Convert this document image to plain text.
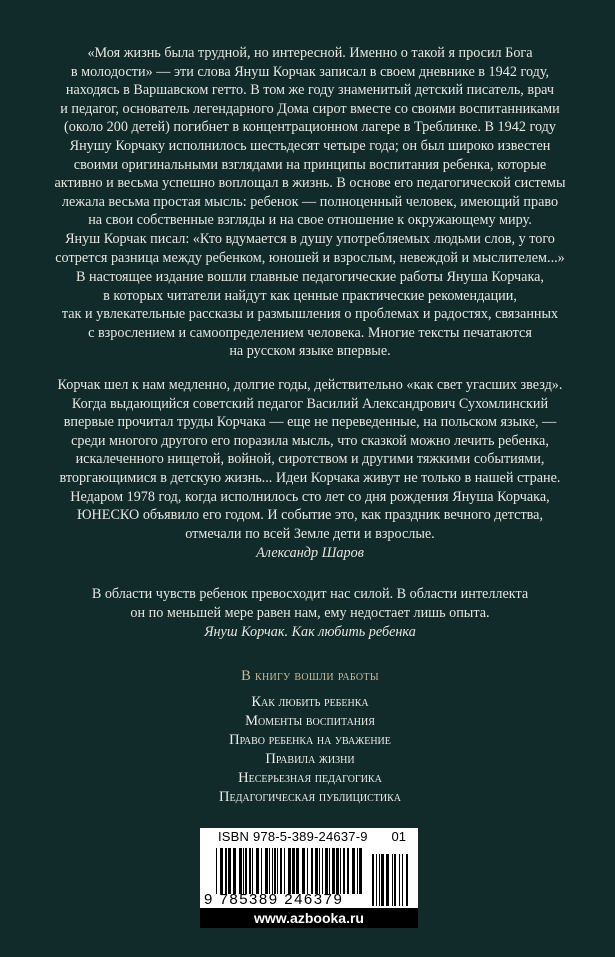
«Моя жизнь была трудной, но интересной. Именно о такой я просил Бога
в молодости» — эти слова Януш Корчак записал в своем дневнике в 1942 году,
находясь в Варшавском гетто. В том же году знаменитый детский писатель, врач
и педагог, основатель легендарного Дома сирот вместе со своими воспитанниками
(около 200 детей) погибнет в концентрационном лагере в Треблинке. В 1942 году
Янушу Корчаку исполнилось шестьдесят четыре года; он был широко известен
своими оригинальными взглядами на принципы воспитания ребенка, которые
активно и весьма успешно воплощал в жизнь. В основе его педагогической системы
лежала весьма простая мысль: ребенок — полноценный человек, имеющий право
на свои собственные взгляды и на свое отношение к окружающему миру.
Януш Корчак писал: «Кто вдумается в душу употребляемых людьми слов, у того
сотрется разница между ребенком, юношей и взрослым, невеждой и мыслителем...»
В настоящее издание вошли главные педагогические работы Януша Корчака,
в которых читатели найдут как ценные практические рекомендации,
так и увлекательные рассказы и размышления о проблемах и радостях, связанных
с взрослением и самоопределением человека. Многие тексты печатаются
на русском языке впервые.
Корчак шел к нам медленно, долгие годы, действительно «как свет угасших звезд».
Когда выдающийся советский педагог Василий Александрович Сухомлинский
впервые прочитал труды Корчака — еще не переведенные, на польском языке, —
среди многого другого его поразила мысль, что сказкой можно лечить ребенка,
искалеченного нищетой, войной, сиротством и другими тяжкими событиями,
вторгающимися в детскую жизнь... Идеи Корчака живут не только в нашей стране.
Недаром 1978 год, когда исполнилось сто лет со дня рождения Януша Корчака,
ЮНЕСКО объявило его годом. И событие это, как праздник вечного детства,
отмечали по всей Земле дети и взрослые.
Александр Шаров
В области чувств ребенок превосходит нас силой. В области интеллекта
он по меньшей мере равен нам, ему недостает лишь опыта.
Януш Корчак. Как любить ребенка
В книгу вошли работы
Как любить ребенка
Моменты воспитания
Право ребенка на уважение
Правила жизни
Несерьезная педагогика
Педагогическая публицистика
ISBN 978-5-389-24637-9 01
9 785389 246379
www.azbooka.ru
